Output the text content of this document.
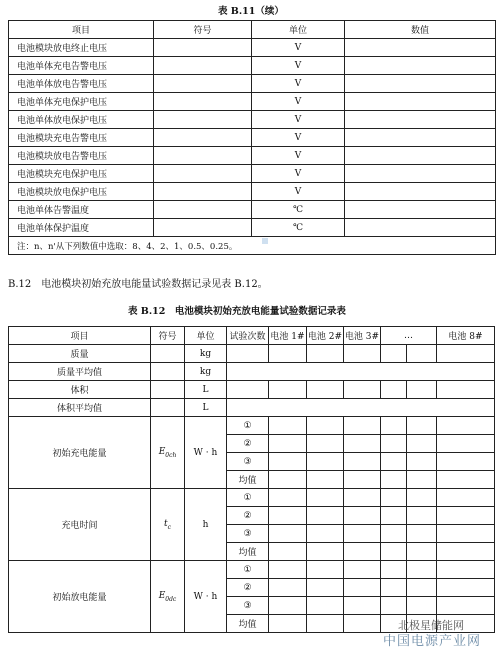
表 B.11（续）
项目	符号	单位	数值
电池模块放电终止电压		V	
电池单体充电告警电压		V	
电池单体放电告警电压		V	
电池单体充电保护电压		V	
电池单体放电保护电压		V	
电池模块充电告警电压		V	
电池模块放电告警电压		V	
电池模块充电保护电压		V	
电池模块放电保护电压		V	
电池单体告警温度		℃	
电池单体保护温度		℃	
注：n、n'从下列数值中选取：8、4、2、1、0.5、0.25。			
B.12　电池模块初始充放电能量试验数据记录见表 B.12。
表 B.12　电池模块初始充放电能量试验数据记录表
项目	符号	单位	试验次数	电池 1#	电池 2#	电池 3#	…		电池 8#
质量		kg							
质量平均值		kg							
体积		L							
体积平均值		L							
初始充电能量	$E_{0ch}$	W · h	①						
			②						
			③						
			均值						
充电时间	$t_c$	h	①						
			②						
			③						
			均值						
初始放电能量	$E_{0dc}$	W · h	①						
			②						
			③						
			均值							北极星储能网
中国电源产业网
